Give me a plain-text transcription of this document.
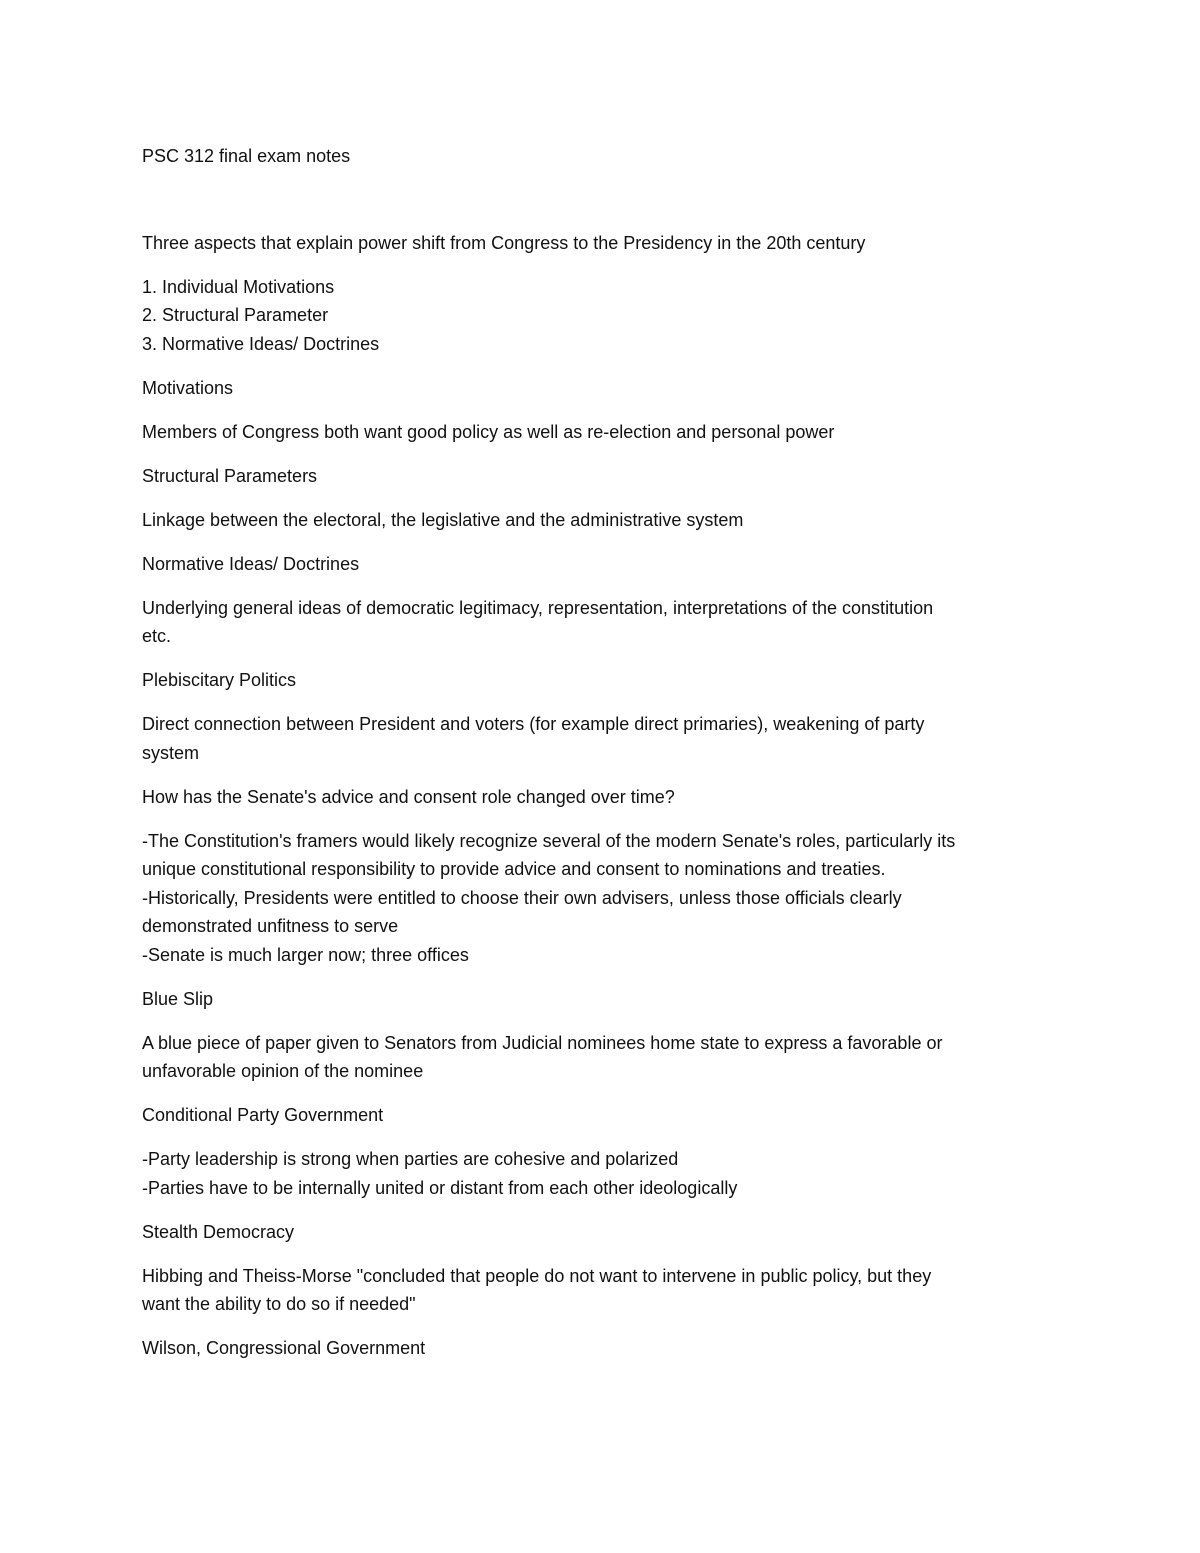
PSC 312 final exam notes

Three aspects that explain power shift from Congress to the Presidency in the 20th century

1. Individual Motivations

2. Structural Parameter

3. Normative Ideas/ Doctrines

Motivations

Members of Congress both want good policy as well as re-election and personal power

Structural Parameters

Linkage between the electoral, the legislative and the administrative system

Normative Ideas/ Doctrines

Underlying general ideas of democratic legitimacy, representation, interpretations of the constitution

etc.

Plebiscitary Politics

Direct connection between President and voters (for example direct primaries), weakening of party

system

How has the Senate's advice and consent role changed over time?

-The Constitution's framers would likely recognize several of the modern Senate's roles, particularly its

unique constitutional responsibility to provide advice and consent to nominations and treaties.

-Historically, Presidents were entitled to choose their own advisers, unless those officials clearly

demonstrated unfitness to serve

-Senate is much larger now; three offices

Blue Slip

A blue piece of paper given to Senators from Judicial nominees home state to express a favorable or

unfavorable opinion of the nominee

Conditional Party Government

-Party leadership is strong when parties are cohesive and polarized

-Parties have to be internally united or distant from each other ideologically

Stealth Democracy

Hibbing and Theiss-Morse "concluded that people do not want to intervene in public policy, but they

want the ability to do so if needed"

Wilson, Congressional Government
